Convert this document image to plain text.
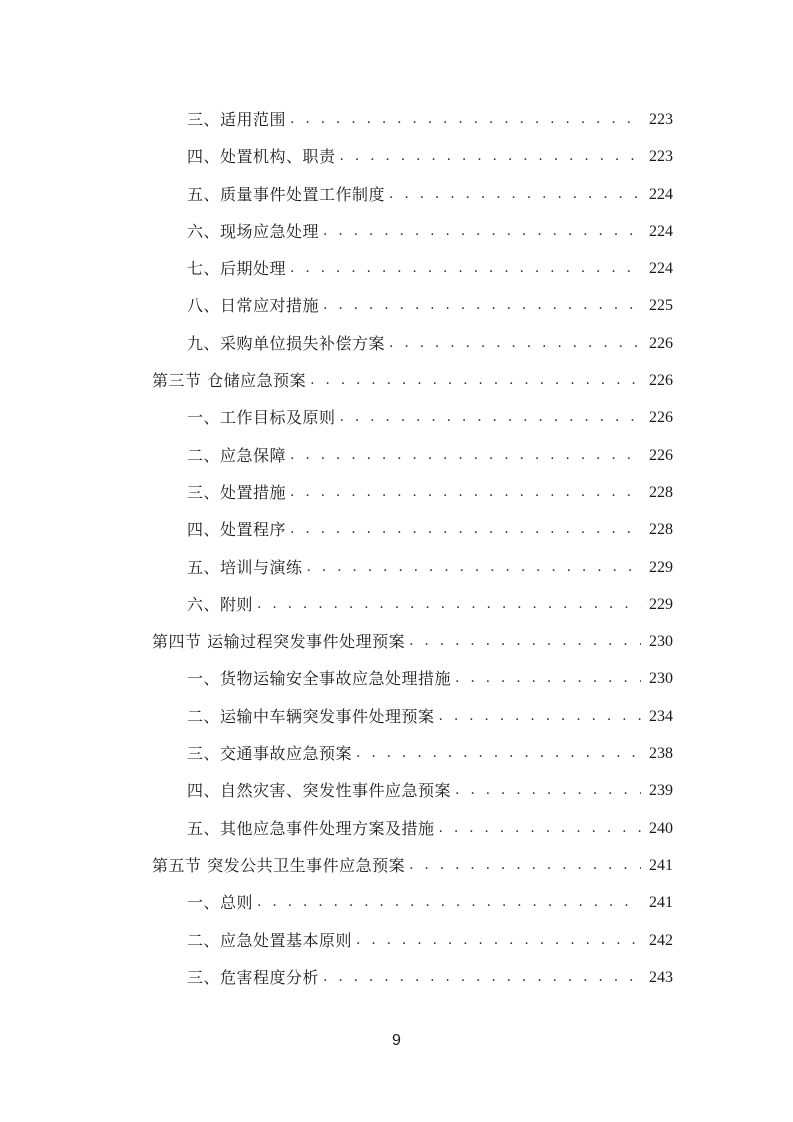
三、适用范围 . . .	223
四、处置机构、职责 . . .	223
五、质量事件处置工作制度 . . .	224
六、现场应急处理 . . .	224
七、后期处理 . . .	224
八、日常应对措施 . . .	225
九、采购单位损失补偿方案 . . .	226
第三节 仓储应急预案 . . .	226
一、工作目标及原则 . . .	226
二、应急保障 . . .	226
三、处置措施 . . .	228
四、处置程序 . . .	228
五、培训与演练 . . .	229
六、附则 . . .	229
第四节 运输过程突发事件处理预案 . . .	230
一、货物运输安全事故应急处理措施 . . .	230
二、运输中车辆突发事件处理预案 . . .	234
三、交通事故应急预案 . . .	238
四、自然灾害、突发性事件应急预案 . . .	239
五、其他应急事件处理方案及措施 . . .	240
第五节 突发公共卫生事件应急预案 . . .	241
一、总则 . . .	241
二、应急处置基本原则 . . .	242
三、危害程度分析 . . .	243
9
